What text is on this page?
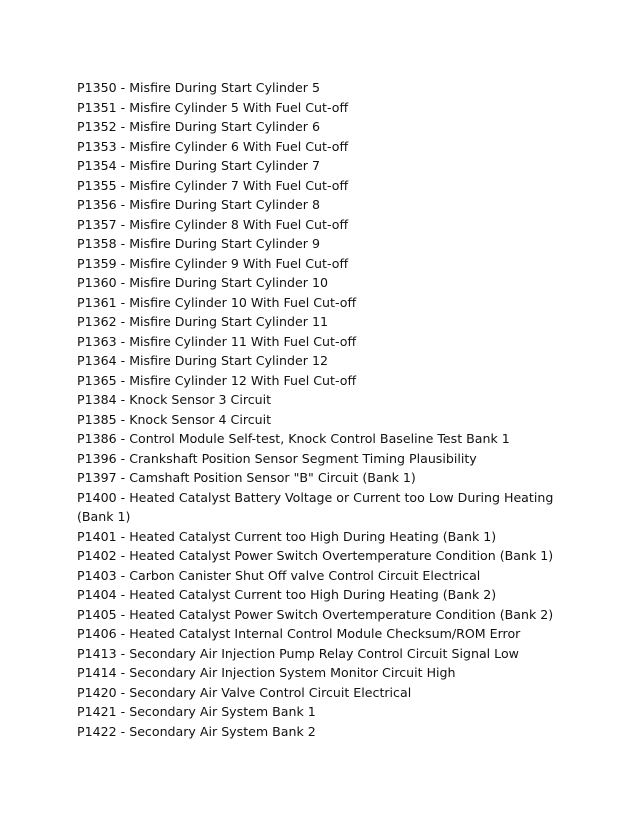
P1350 - Misfire During Start Cylinder 5
P1351 - Misfire Cylinder 5 With Fuel Cut-off
P1352 - Misfire During Start Cylinder 6
P1353 - Misfire Cylinder 6 With Fuel Cut-off
P1354 - Misfire During Start Cylinder 7
P1355 - Misfire Cylinder 7 With Fuel Cut-off
P1356 - Misfire During Start Cylinder 8
P1357 - Misfire Cylinder 8 With Fuel Cut-off
P1358 - Misfire During Start Cylinder 9
P1359 - Misfire Cylinder 9 With Fuel Cut-off
P1360 - Misfire During Start Cylinder 10
P1361 - Misfire Cylinder 10 With Fuel Cut-off
P1362 - Misfire During Start Cylinder 11
P1363 - Misfire Cylinder 11 With Fuel Cut-off
P1364 - Misfire During Start Cylinder 12
P1365 - Misfire Cylinder 12 With Fuel Cut-off
P1384 - Knock Sensor 3 Circuit
P1385 - Knock Sensor 4 Circuit
P1386 - Control Module Self-test, Knock Control Baseline Test Bank 1
P1396 - Crankshaft Position Sensor Segment Timing Plausibility
P1397 - Camshaft Position Sensor "B" Circuit (Bank 1)
P1400 - Heated Catalyst Battery Voltage or Current too Low During Heating (Bank 1)
P1401 - Heated Catalyst Current too High During Heating (Bank 1)
P1402 - Heated Catalyst Power Switch Overtemperature Condition (Bank 1)
P1403 - Carbon Canister Shut Off valve Control Circuit Electrical
P1404 - Heated Catalyst Current too High During Heating (Bank 2)
P1405 - Heated Catalyst Power Switch Overtemperature Condition (Bank 2)
P1406 - Heated Catalyst Internal Control Module Checksum/ROM Error
P1413 - Secondary Air Injection Pump Relay Control Circuit Signal Low
P1414 - Secondary Air Injection System Monitor Circuit High
P1420 - Secondary Air Valve Control Circuit Electrical
P1421 - Secondary Air System Bank 1
P1422 - Secondary Air System Bank 2
